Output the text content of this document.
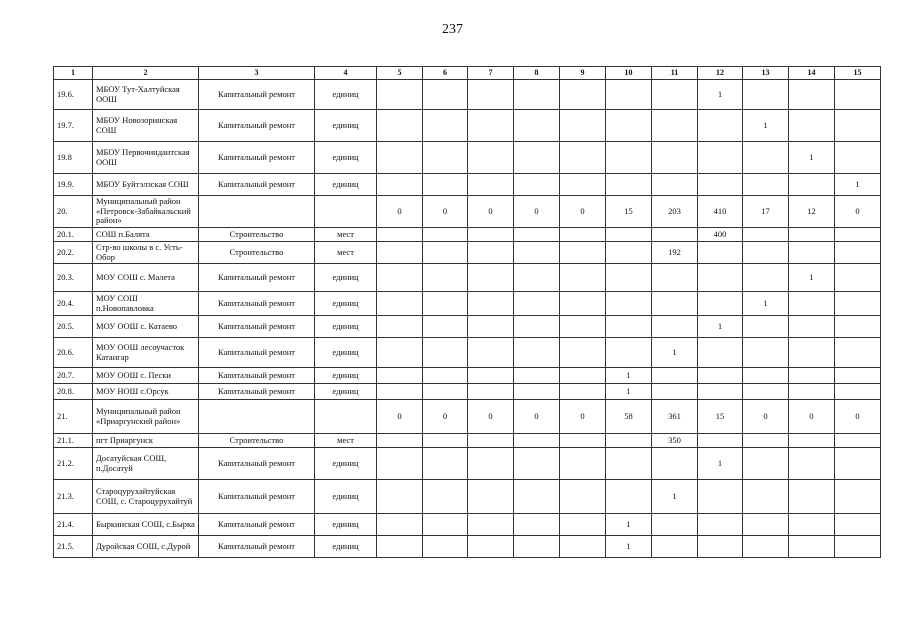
237
1	2	3	4	5	6	7	8	9	10	11	12	13	14	15
19.6.	МБОУ Тут-Халтуйская ООШ	Капитальный ремонт	единиц								1			
19.7.	МБОУ Новозоринская СОШ	Капитальный ремонт	единиц									1		
19.8	МБОУ Первочиндантская ООШ	Капитальный ремонт	единиц										1	
19.9.	МБОУ Буйтэлзская СОШ	Капитальный ремонт	единиц											1
20.	Муниципальный район «Петровск-Забайкальский район»			0	0	0	0	0	15	203	410	17	12	0
20.1.	СОШ п.Балята	Строительство	мест								400			
20.2.	Стр-во школы в с. Усть-Обор	Строительство	мест							192				
20.3.	МОУ СОШ с. Малета	Капитальный ремонт	единиц										1	
20.4.	МОУ СОШ п.Новопавловка	Капитальный ремонт	единиц									1		
20.5.	МОУ ООШ с. Катаево	Капитальный ремонт	единиц								1			
20.6.	МОУ ООШ лесоучасток Катангар	Капитальный ремонт	единиц							1				
20.7.	МОУ ООШ с. Пески	Капитальный ремонт	единиц						1					
20.8.	МОУ НОШ с.Орсук	Капитальный ремонт	единиц						1					
21.	Муниципальный район «Приаргунский район»			0	0	0	0	0	58	361	15	0	0	0
21.1.	пгт Приаргунск	Строительство	мест							350				
21.2.	Досатуйская СОШ, п.Досатуй	Капитальный ремонт	единиц								1			
21.3.	Староцурухайтуйская СОШ, с. Староцурухайтуй	Капитальный ремонт	единиц							1				
21.4.	Быркинская СОШ, с.Бырка	Капитальный ремонт	единиц						1					
21.5.	Дуройская СОШ, с.Дурой	Капитальный ремонт	единиц						1					
